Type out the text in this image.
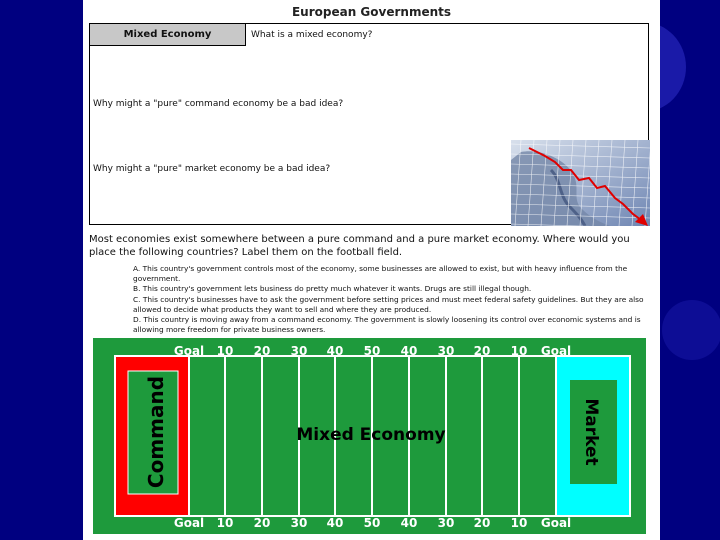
European Governments
Mixed Economy	What is a mixed economy?
Why might a "pure" command economy be a bad idea?
Why might a "pure" market economy be a bad idea?
Most economies exist somewhere between a pure command and a pure market economy. Where would you place the following countries? Label them on the football field.
A. This country's government controls most of the economy, some businesses are allowed to exist, but with heavy influence from the government.
B. This country's government lets business do pretty much whatever it wants. Drugs are still illegal though.
C. This country's businesses have to ask the government before setting prices and must meet federal safety guidelines. But they are also allowed to decide what products they want to sell and where they are produced.
D. This country is moving away from a command economy. The government is slowly loosening its control over economic systems and is allowing more freedom for private business owners.
Goal 10 20 30 40 50 40 30 20 10 Goal
Goal 10 20 30 40 50 40 30 20 10 Goal
Command	Market
Mixed Economy
